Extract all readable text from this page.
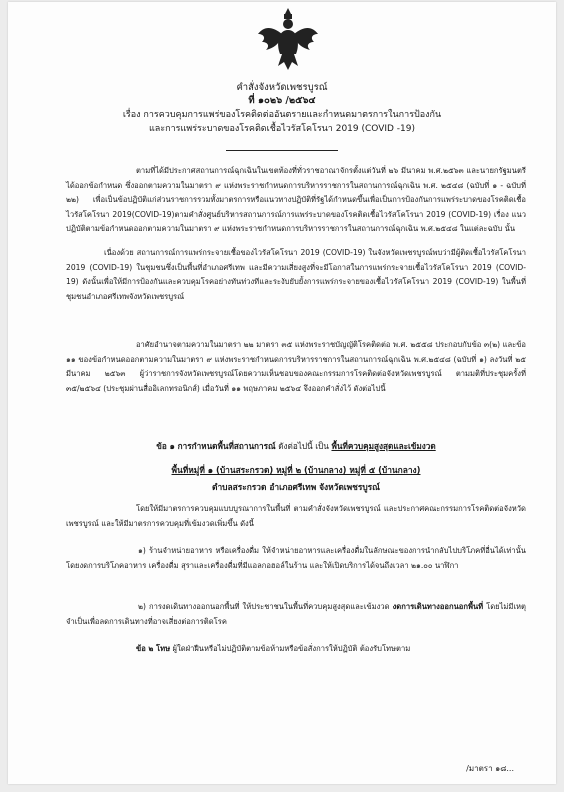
คำสั่งจังหวัดเพชรบูรณ์
ที่ ๑๐๒๖ /๒๕๖๔
เรื่อง การควบคุมการแพร่ของโรคติดต่ออันตรายและกำหนดมาตรการในการป้องกัน
และการแพร่ระบาดของโรคติดเชื้อไวรัสโคโรนา 2019 (COVID -19)
ตามที่ได้มีประกาศสถานการณ์ฉุกเฉินในเขตท้องที่ทั่วราชอาณาจักรตั้งแต่วันที่ ๒๖ มีนาคม พ.ศ.๒๕๖๓ และนายกรัฐมนตรีได้ออกข้อกำหนด ซึ่งออกตามความในมาตรา ๙ แห่งพระราชกำหนดการบริหารราชการในสถานการณ์ฉุกเฉิน พ.ศ. ๒๕๔๘ (ฉบับที่ ๑ - ฉบับที่ ๒๒) เพื่อเป็นข้อปฏิบัติแก่ส่วนราชการรวมทั้งมาตรการหรือแนวทางปฏิบัติที่รัฐได้กำหนดขึ้นเพื่อเป็นการป้องกันการแพร่ระบาดของโรคติดเชื้อไวรัสโคโรนา 2019(COVID-19)ตามคำสั่งศูนย์บริหารสถานการณ์การแพร่ระบาดของโรคติดเชื้อไวรัสโคโรนา 2019 (COVID-19) เรื่อง แนวปฏิบัติตามข้อกำหนดออกตามความในมาตรา ๙ แห่งพระราชกำหนดการบริหารราชการในสถานการณ์ฉุกเฉิน พ.ศ.๒๕๔๘ ในแต่ละฉบับ นั้น
เนื่องด้วย สถานการณ์การแพร่กระจายเชื้อของไวรัสโคโรนา 2019 (COVID-19) ในจังหวัดเพชรบูรณ์พบว่ามีผู้ติดเชื้อไวรัสโคโรนา 2019 (COVID-19) ในชุมชนซึ่งเป็นพื้นที่อำเภอศรีเทพ และมีความเสี่ยงสูงที่จะมีโอกาสในการแพร่กระจายเชื้อไวรัสโคโรนา 2019 (COVID-19) ดังนั้นเพื่อให้มีการป้องกันและควบคุมโรคอย่างทันท่วงทีและระงับยับยั้งการแพร่กระจายของเชื้อไวรัสโคโรนา 2019 (COVID-19) ในพื้นที่ชุมชนอำเภอศรีเทพจังหวัดเพชรบูรณ์
อาศัยอำนาจตามความในมาตรา ๒๒ มาตรา ๓๕ แห่งพระราชบัญญัติโรคติดต่อ พ.ศ. ๒๕๕๘ ประกอบกับข้อ ๓(๒) และข้อ ๑๑ ของข้อกำหนดออกตามความในมาตรา ๙ แห่งพระราชกำหนดการบริหารราชการในสถานการณ์ฉุกเฉิน พ.ศ.๒๕๔๘ (ฉบับที่ ๑) ลงวันที่ ๒๕ มีนาคม ๒๕๖๓ ผู้ว่าราชการจังหวัดเพชรบูรณ์โดยความเห็นชอบของคณะกรรมการโรคติดต่อจังหวัดเพชรบูรณ์ ตามมติที่ประชุมครั้งที่ ๓๕/๒๕๖๔ (ประชุมผ่านสื่ออิเลกทรอนิกส์) เมื่อวันที่ ๑๑ พฤษภาคม ๒๕๖๔ จึงออกคำสั่งไว้ ดังต่อไปนี้
ข้อ ๑ การกำหนดพื้นที่สถานการณ์ ดังต่อไปนี้ เป็น พื้นที่ควบคุมสูงสุดและเข้มงวด
พื้นที่หมู่ที่ ๑ (บ้านสระกรวด) หมู่ที่ ๒ (บ้านกลาง) หมู่ที่ ๕ (บ้านกลาง)
ตำบลสระกรวด อำเภอศรีเทพ จังหวัดเพชรบูรณ์
โดยให้มีมาตรการควบคุมแบบบูรณาการในพื้นที่ ตามคำสั่งจังหวัดเพชรบูรณ์ และประกาศคณะกรรมการโรคติดต่อจังหวัดเพชรบูรณ์ และให้มีมาตรการควบคุมที่เข้มงวดเพิ่มขึ้น ดังนี้
๑) ร้านจำหน่ายอาหาร หรือเครื่องดื่ม ให้จำหน่ายอาหารและเครื่องดื่มในลักษณะของการนำกลับไปบริโภคที่อื่นได้เท่านั้น โดยงดการบริโภคอาหาร เครื่องดื่ม สุราและเครื่องดื่มที่มีแอลกอฮอล์ในร้าน และให้เปิดบริการได้จนถึงเวลา ๒๑.๐๐ นาฬิกา
๒) การงดเดินทางออกนอกพื้นที่ ให้ประชาชนในพื้นที่ควบคุมสูงสุดและเข้มงวด งดการเดินทางออกนอกพื้นที่ โดยไม่มีเหตุจำเป็นเพื่อลดการเดินทางที่อาจเสี่ยงต่อการติดโรค
ข้อ ๒ โทษ ผู้ใดฝ่าฝืนหรือไม่ปฏิบัติตามข้อห้ามหรือข้อสั่งการให้ปฏิบัติ ต้องรับโทษตาม
/มาตรา ๑๘...
